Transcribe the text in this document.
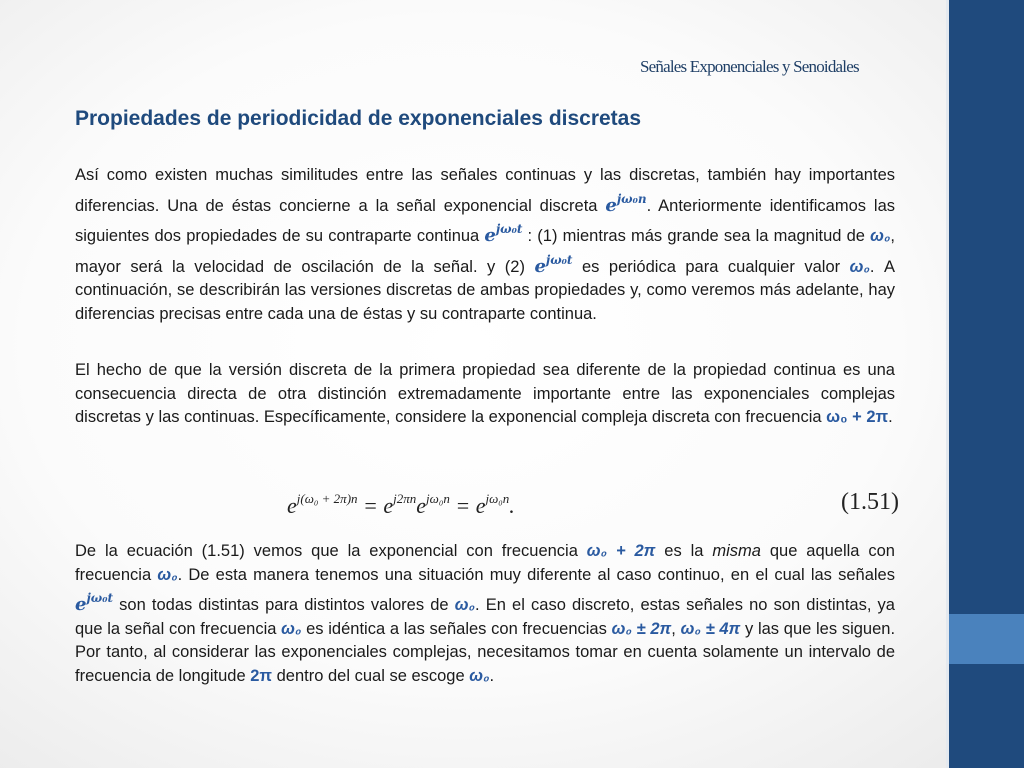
Señales Exponenciales y Senoidales
Propiedades de periodicidad de exponenciales discretas

Así como existen muchas similitudes entre las señales continuas y las discretas, también hay importantes diferencias. Una de éstas concierne a la señal exponencial discreta $e^{j\omega_0n}$. Anteriormente identificamos las siguientes dos propiedades de su contraparte continua $e^{j\omega_0t}$ : (1) mientras más grande sea la magnitud de ω₀, mayor será la velocidad de oscilación de la señal. y (2) $e^{j\omega_0t}$ es periódica para cualquier valor ω₀. A continuación, se describirán las versiones discretas de ambas propiedades y, como veremos más adelante, hay diferencias precisas entre cada una de éstas y su contraparte continua.

El hecho de que la versión discreta de la primera propiedad sea diferente de la propiedad continua es una consecuencia directa de otra distinción extremadamente importante entre las exponenciales complejas discretas y las continuas. Específicamente, considere la exponencial compleja discreta con frecuencia ω₀ + 2π.

$e^{j(\omega_0 + 2\pi)n} = e^{j2\pi n}e^{j\omega_0n} = e^{j\omega_0n}$.	(1.51)

De la ecuación (1.51) vemos que la exponencial con frecuencia ω₀ + 2π es la misma que aquella con frecuencia ω₀. De esta manera tenemos una situación muy diferente al caso continuo, en el cual las señales $e^{j\omega_0t}$ son todas distintas para distintos valores de ω₀. En el caso discreto, estas señales no son distintas, ya que la señal con frecuencia ω₀ es idéntica a las señales con frecuencias ω₀ ± 2π, ω₀ ± 4π y las que les siguen. Por tanto, al considerar las exponenciales complejas, necesitamos tomar en cuenta solamente un intervalo de frecuencia de longitude 2π dentro del cual se escoge ω₀.
